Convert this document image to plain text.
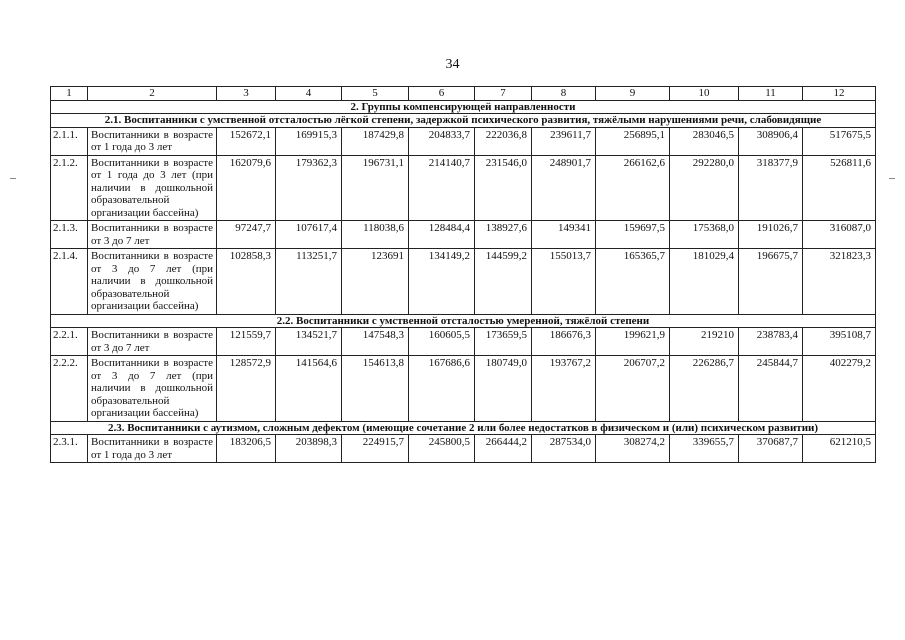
34
1	2	3	4	5	6	7	8	9	10	11	12
2. Группы компенсирующей направленности											
2.1. Воспитанники с умственной отсталостью лёгкой степени, задержкой психического развития, тяжёлыми нарушениями речи, слабовидящие											
2.1.1.	Воспитанники в возрасте от 1 года до 3 лет	152672,1	169915,3	187429,8	204833,7	222036,8	239611,7	256895,1	283046,5	308906,4	517675,5
2.1.2.	Воспитанники в возрасте от 1 года до 3 лет (при наличии в дошкольной образовательной организации бассейна)	162079,6	179362,3	196731,1	214140,7	231546,0	248901,7	266162,6	292280,0	318377,9	526811,6
2.1.3.	Воспитанники в возрасте от 3 до 7 лет	97247,7	107617,4	118038,6	128484,4	138927,6	149341	159697,5	175368,0	191026,7	316087,0
2.1.4.	Воспитанники в возрасте от 3 до 7 лет (при наличии в дошкольной образовательной организации бассейна)	102858,3	113251,7	123691	134149,2	144599,2	155013,7	165365,7	181029,4	196675,7	321823,3
2.2. Воспитанники с умственной отсталостью умеренной, тяжёлой степени											
2.2.1.	Воспитанники в возрасте от 3 до 7 лет	121559,7	134521,7	147548,3	160605,5	173659,5	186676,3	199621,9	219210	238783,4	395108,7
2.2.2.	Воспитанники в возрасте от 3 до 7 лет (при наличии в дошкольной образовательной организации бассейна)	128572,9	141564,6	154613,8	167686,6	180749,0	193767,2	206707,2	226286,7	245844,7	402279,2
2.3. Воспитанники с аутизмом, сложным дефектом (имеющие сочетание 2 или более недостатков в физическом и (или) психическом развитии)											
2.3.1.	Воспитанники в возрасте от 1 года до 3 лет	183206,5	203898,3	224915,7	245800,5	266444,2	287534,0	308274,2	339655,7	370687,7	621210,5
